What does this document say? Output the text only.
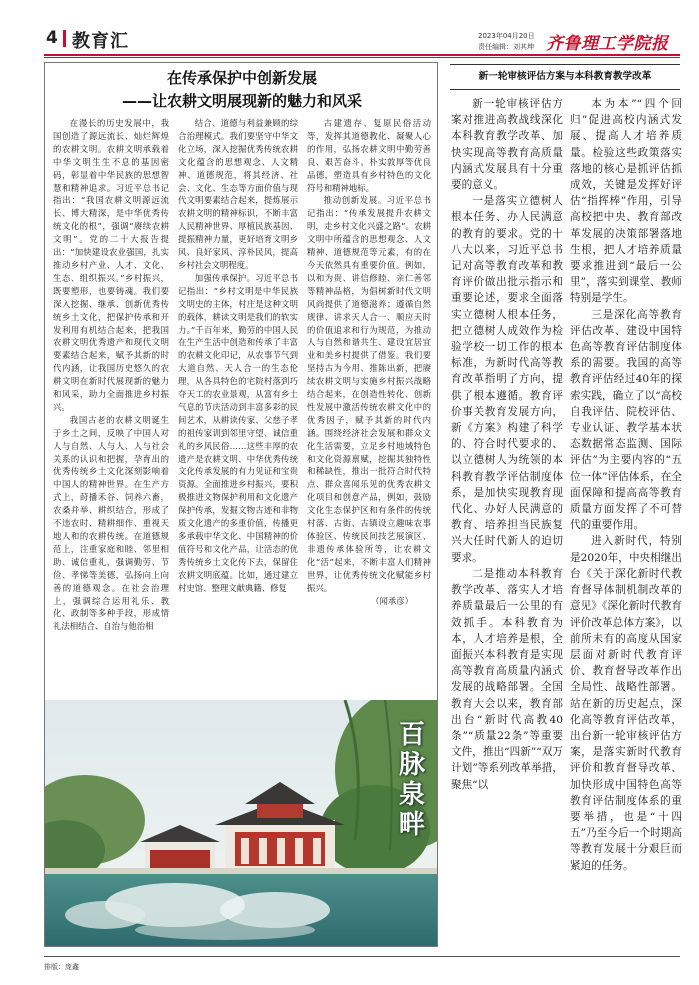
4 教育汇	2023年04月20日
责任编辑：刘其坤 齐鲁理工学院报
在传承保护中创新发展
——让农耕文明展现新的魅力和风采

在漫长的历史发展中，我国创造了源远流长、灿烂辉煌的农耕文明。农耕文明承载着中华文明生生不息的基因密码，彰显着中华民族的思想智慧和精神追求。习近平总书记指出：“我国农耕文明源远流长、博大精深，是中华优秀传统文化的根”，强调“赓续农耕文明”。党的二十大报告提出：“加快建设农业强国，扎实推动乡村产业、人才、文化、生态、组织振兴。”乡村振兴，既要塑形，也要铸魂。我们要深入挖掘、继承、创新优秀传统乡土文化，把保护传承和开发利用有机结合起来，把我国农耕文明优秀遗产和现代文明要素结合起来，赋予其新的时代内涵，让我国历史悠久的农耕文明在新时代展现新的魅力和风采，助力全面推进乡村振兴。

我国古老的农耕文明诞生于乡土之间，反映了中国人对人与自然、人与人、人与社会关系的认识和把握，孕育出的优秀传统乡土文化深刻影响着中国人的精神世界。在生产方式上，莳播禾谷、饲养六畜，农桑并举、耕织结合，形成了不违农时、精耕细作、重视天地人和的农耕传统。在道德规范上，注重家庭和睦、邻里相助、诚信重礼，强调勤劳、节俭、孝悌等美德，弘扬向上向善的道德观念。在社会治理上，强调综合运用礼乐、教化、政制等多种手段，形成情礼法相结合、自治与他治相

结合、道德与利益兼顾的综合治理模式。我们要坚守中华文化立场，深入挖掘优秀传统农耕文化蕴含的思想观念、人文精神、道德规范，将其经济、社会、文化、生态等方面价值与现代文明要素结合起来，提炼展示农耕文明的精神标识，不断丰富人民精神世界、厚植民族基因、提振精神力量，更好培育文明乡风、良好家风、淳朴民风，提高乡村社会文明程度。

加强传承保护。习近平总书记指出：“乡村文明是中华民族文明史的主体，村庄是这种文明的载体，耕读文明是我们的软实力。”千百年来，勤劳的中国人民在生产生活中创造和传承了丰富的农耕文化印记，从农事节气到大道自然、天人合一的生态伦理，从各具特色的宅院村落到巧夺天工的农业景观，从富有乡土气息的节庆活动到丰富多彩的民间艺术，从耕读传家、父慈子孝的祖传家训到邻里守望、诚信重礼的乡风民俗……这些丰厚的农遗产是农耕文明、中华优秀传统文化传承发展的有力见证和宝贵资源。全面推进乡村振兴，要积极推进文物保护利用和文化遗产保护传承，发掘文物古迹和非物质文化遗产的多重价值，传播更多承载中华文化、中国精神的价值符号和文化产品，让活态的优秀传统乡土文化传下去，保留住农耕文明底蕴。比如，通过建立村史馆、整理文献典籍、修复

古建遗存、复原民俗活动等，发挥其道德教化、凝聚人心的作用，弘扬农耕文明中勤劳善良、艰苦奋斗、朴实敦厚等优良品德，塑造具有乡村特色的文化符号和精神地标。

推动创新发展。习近平总书记指出：“传承发展提升农耕文明，走乡村文化兴盛之路”。农耕文明中所蕴含的思想观念、人文精神、道德规范等元素，有的在今天依然具有重要价值。例如，以和为贵、讲信修睦、亲仁善邻等精神品格，为倡树新时代文明风尚提供了道德滋养；遵循自然规律、讲求天人合一、顺应天时的价值追求和行为规范，为推动人与自然和谐共生、建设宜居宜业和美乡村提供了借鉴。我们要坚持古为今用、推陈出新，把赓续农耕文明与实施乡村振兴战略结合起来，在创造性转化、创新性发展中激活传统农耕文化中的优秀因子，赋予其新的时代内涵。围绕经济社会发展和群众文化生活需要，立足乡村地域特色和文化资源禀赋，挖掘其独特性和稀缺性，推出一批符合时代特点、群众喜闻乐见的优秀农耕文化项目和创意产品，例如，鼓励文化生态保护区和有条件的传统村落、古街、古镇设立趣味农事体验区、传统民间技艺展演区、非遗传承体验所等，让农耕文化“活”起来，不断丰富人们精神世界，让优秀传统文化赋能乡村振兴。

（闻承彦）
百脉泉畔
新一轮审核评估方案与本科教育教学改革

新一轮审核评估方案对推进高教战线深化本科教育教学改革、加快实现高等教育高质量内涵式发展具有十分重要的意义。

一是落实立德树人根本任务、办人民满意的教育的要求。党的十八大以来，习近平总书记对高等教育改革和教育评价做出批示指示和重要论述，要求全面落实立德树人根本任务，把立德树人成效作为检验学校一切工作的根本标准，为新时代高等教育改革指明了方向，提供了根本遵循。教育评价事关教育发展方向，新《方案》构建了科学的、符合时代要求的、以立德树人为统领的本科教育教学评估制度体系，是加快实现教育现代化、办好人民满意的教育、培养担当民族复兴大任时代新人的迫切要求。

二是推动本科教育教学改革、落实人才培养质量最后一公里的有效抓手。本科教育为本，人才培养是根，全面振兴本科教育是实现高等教育高质量内涵式发展的战略部署。全国教育大会以来，教育部出台“新时代高教40条”“质量22条”等重要文件，推出“四新”“双万计划”等系列改革举措，聚焦“以

本为本”“四个回归”促进高校内涵式发展、提高人才培养质量。检验这些政策落实落地的核心是抓评估抓成效，关键是发挥好评估“指挥棒”作用，引导高校把中央、教育部改革发展的决策部署落地生根，把人才培养质量要求推进到“最后一公里”，落实到课堂、教师特别是学生。

三是深化高等教育评估改革、建设中国特色高等教育评估制度体系的需要。我国的高等教育评估经过40年的探索实践，确立了以“高校自我评估、院校评估、专业认证、教学基本状态数据常态监测、国际评估”为主要内容的“五位一体”评估体系，在全面保障和提高高等教育质量方面发挥了不可替代的重要作用。

进入新时代，特别是2020年，中央相继出台《关于深化新时代教育督导体制机制改革的意见》《深化新时代教育评价改革总体方案》，以前所未有的高度从国家层面对新时代教育评价、教育督导改革作出全局性、战略性部署。站在新的历史起点，深化高等教育评估改革，出台新一轮审核评估方案，是落实新时代教育评价和教育督导改革、加快形成中国特色高等教育评估制度体系的重要举措，也是“十四五”乃至今后一个时期高等教育发展十分艰巨而紧迫的任务。

排版：庞鑫
